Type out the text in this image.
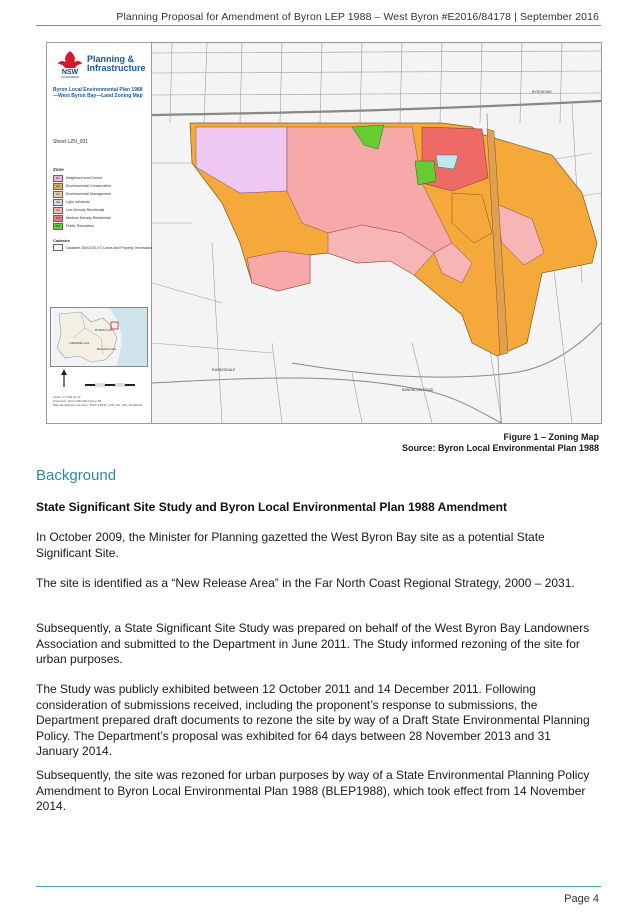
Planning Proposal for Amendment of Byron LEP 1988 – West Byron #E2016/84178 | September 2016
NSW
GOVERNMENT
Planning &
Infrastructure
Byron Local Environmental Plan 1988—West Byron Bay—Land Zoning Map
Sheet LZN_001
Zone
B1	Neighbourhood Centre
E2	Environmental Conservation
E3	Environmental Management
IN2	Light Industrial
R2	Low Density Residential
R3	Medium Density Residential
RE1	Public Recreation
Cadastre
Cadastre 28/02/2014 © Lands and Property Information
BYRON LGA
LISMORE LGA
BALLINA LGA
Scale: 1:7,000 @ A3
Projection: GDA 1994 MGA Zone 56
Map Identification Number: 1000_FMNP_LZN_001_020_20140403
BYRON BAY
EWINGSDALE
BANGALOW ROAD
Figure 1 – Zoning Map
Source: Byron Local Environmental Plan 1988
Background
State Significant Site Study and Byron Local Environmental Plan 1988 Amendment

In October 2009, the Minister for Planning gazetted the West Byron Bay site as a potential State Significant Site.

The site is identified as a “New Release Area” in the Far North Coast Regional Strategy, 2000 – 2031.

Subsequently, a State Significant Site Study was prepared on behalf of the West Byron Bay Landowners Association and submitted to the Department in June 2011. The Study informed rezoning of the site for urban purposes.

The Study was publicly exhibited between 12 October 2011 and 14 December 2011. Following consideration of submissions received, including the proponent’s response to submissions, the Department prepared draft documents to rezone the site by way of a Draft State Environmental Planning Policy. The Department’s proposal was exhibited for 64 days between 28 November 2013 and 31 January 2014.

Subsequently, the site was rezoned for urban purposes by way of a State Environmental Planning Policy Amendment to Byron Local Environmental Plan 1988 (BLEP1988), which took effect from 14 November 2014.

Page 4
